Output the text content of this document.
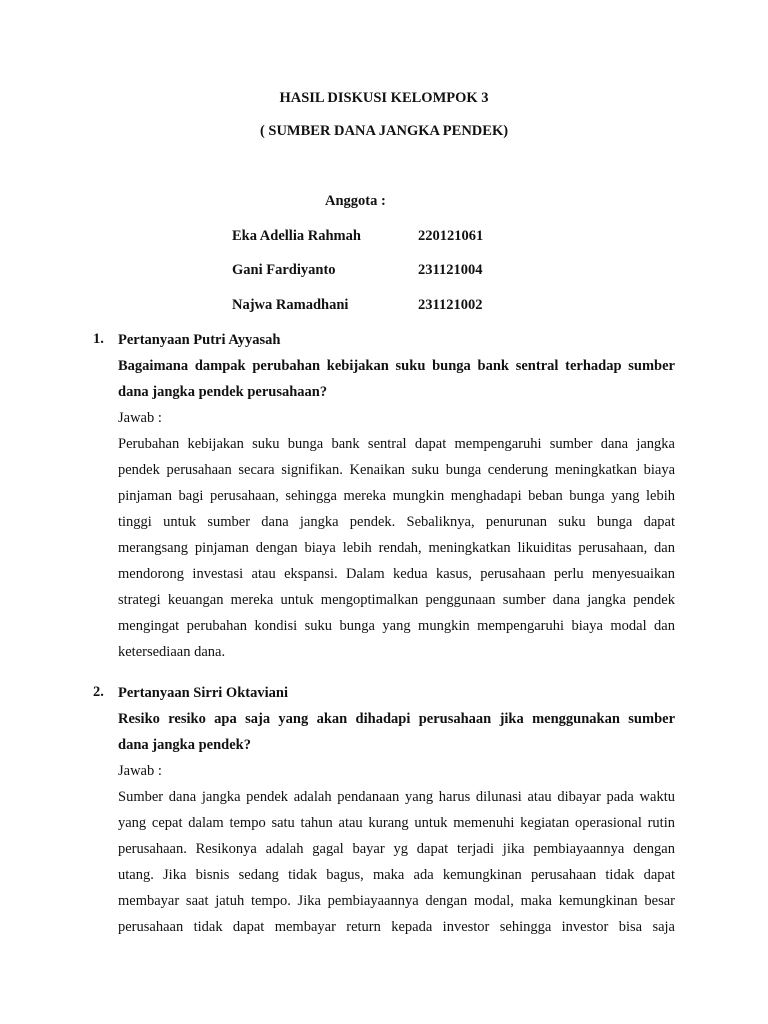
HASIL DISKUSI KELOMPOK 3
( SUMBER DANA JANGKA PENDEK)
Anggota :
Eka Adellia Rahmah	220121061
Gani Fardiyanto	231121004
Najwa Ramadhani	231121002
1. Pertanyaan Putri Ayyasah
Bagaimana dampak perubahan kebijakan suku bunga bank sentral terhadap sumber
dana jangka pendek perusahaan?
Jawab :
Perubahan kebijakan suku bunga bank sentral dapat mempengaruhi sumber dana jangka
pendek perusahaan secara signifikan. Kenaikan suku bunga cenderung meningkatkan biaya
pinjaman bagi perusahaan, sehingga mereka mungkin menghadapi beban bunga yang lebih
tinggi untuk sumber dana jangka pendek. Sebaliknya, penurunan suku bunga dapat
merangsang pinjaman dengan biaya lebih rendah, meningkatkan likuiditas perusahaan, dan
mendorong investasi atau ekspansi. Dalam kedua kasus, perusahaan perlu menyesuaikan
strategi keuangan mereka untuk mengoptimalkan penggunaan sumber dana jangka pendek
mengingat perubahan kondisi suku bunga yang mungkin mempengaruhi biaya modal dan
ketersediaan dana.
2. Pertanyaan Sirri Oktaviani
Resiko resiko apa saja yang akan dihadapi perusahaan jika menggunakan sumber
dana jangka pendek?
Jawab :
Sumber dana jangka pendek adalah pendanaan yang harus dilunasi atau dibayar pada waktu
yang cepat dalam tempo satu tahun atau kurang untuk memenuhi kegiatan operasional rutin
perusahaan. Resikonya adalah gagal bayar yg dapat terjadi jika pembiayaannya dengan
utang. Jika bisnis sedang tidak bagus, maka ada kemungkinan perusahaan tidak dapat
membayar saat jatuh tempo. Jika pembiayaannya dengan modal, maka kemungkinan besar
perusahaan tidak dapat membayar return kepada investor sehingga investor bisa saja
